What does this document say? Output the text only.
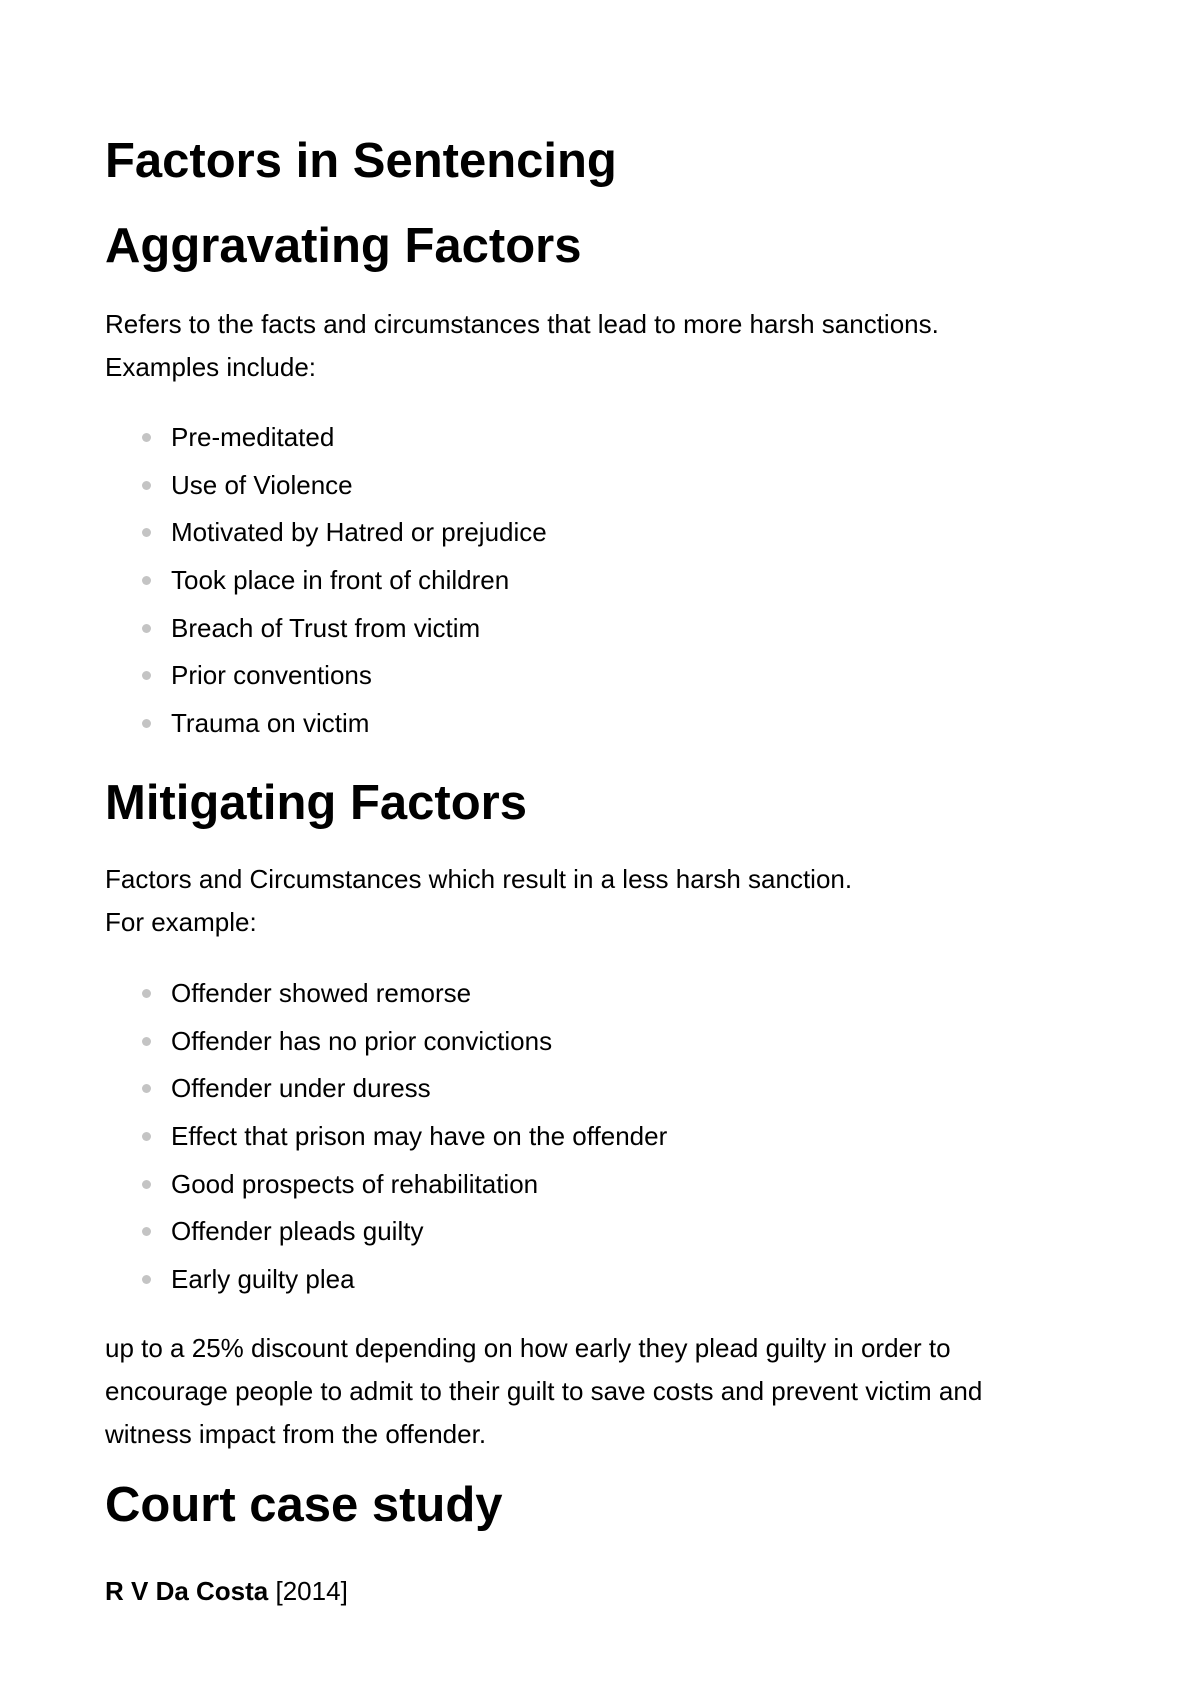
Factors in Sentencing
Aggravating Factors

Refers to the facts and circumstances that lead to more harsh sanctions.
Examples include:

Pre-meditated
Use of Violence
Motivated by Hatred or prejudice
Took place in front of children
Breach of Trust from victim
Prior conventions
Trauma on victim
Mitigating Factors

Factors and Circumstances which result in a less harsh sanction.
For example:

Offender showed remorse
Offender has no prior convictions
Offender under duress
Effect that prison may have on the offender
Good prospects of rehabilitation
Offender pleads guilty
Early guilty plea

up to a 25% discount depending on how early they plead guilty in order to
encourage people to admit to their guilt to save costs and prevent victim and
witness impact from the offender.

Court case study

R V Da Costa [2014]
